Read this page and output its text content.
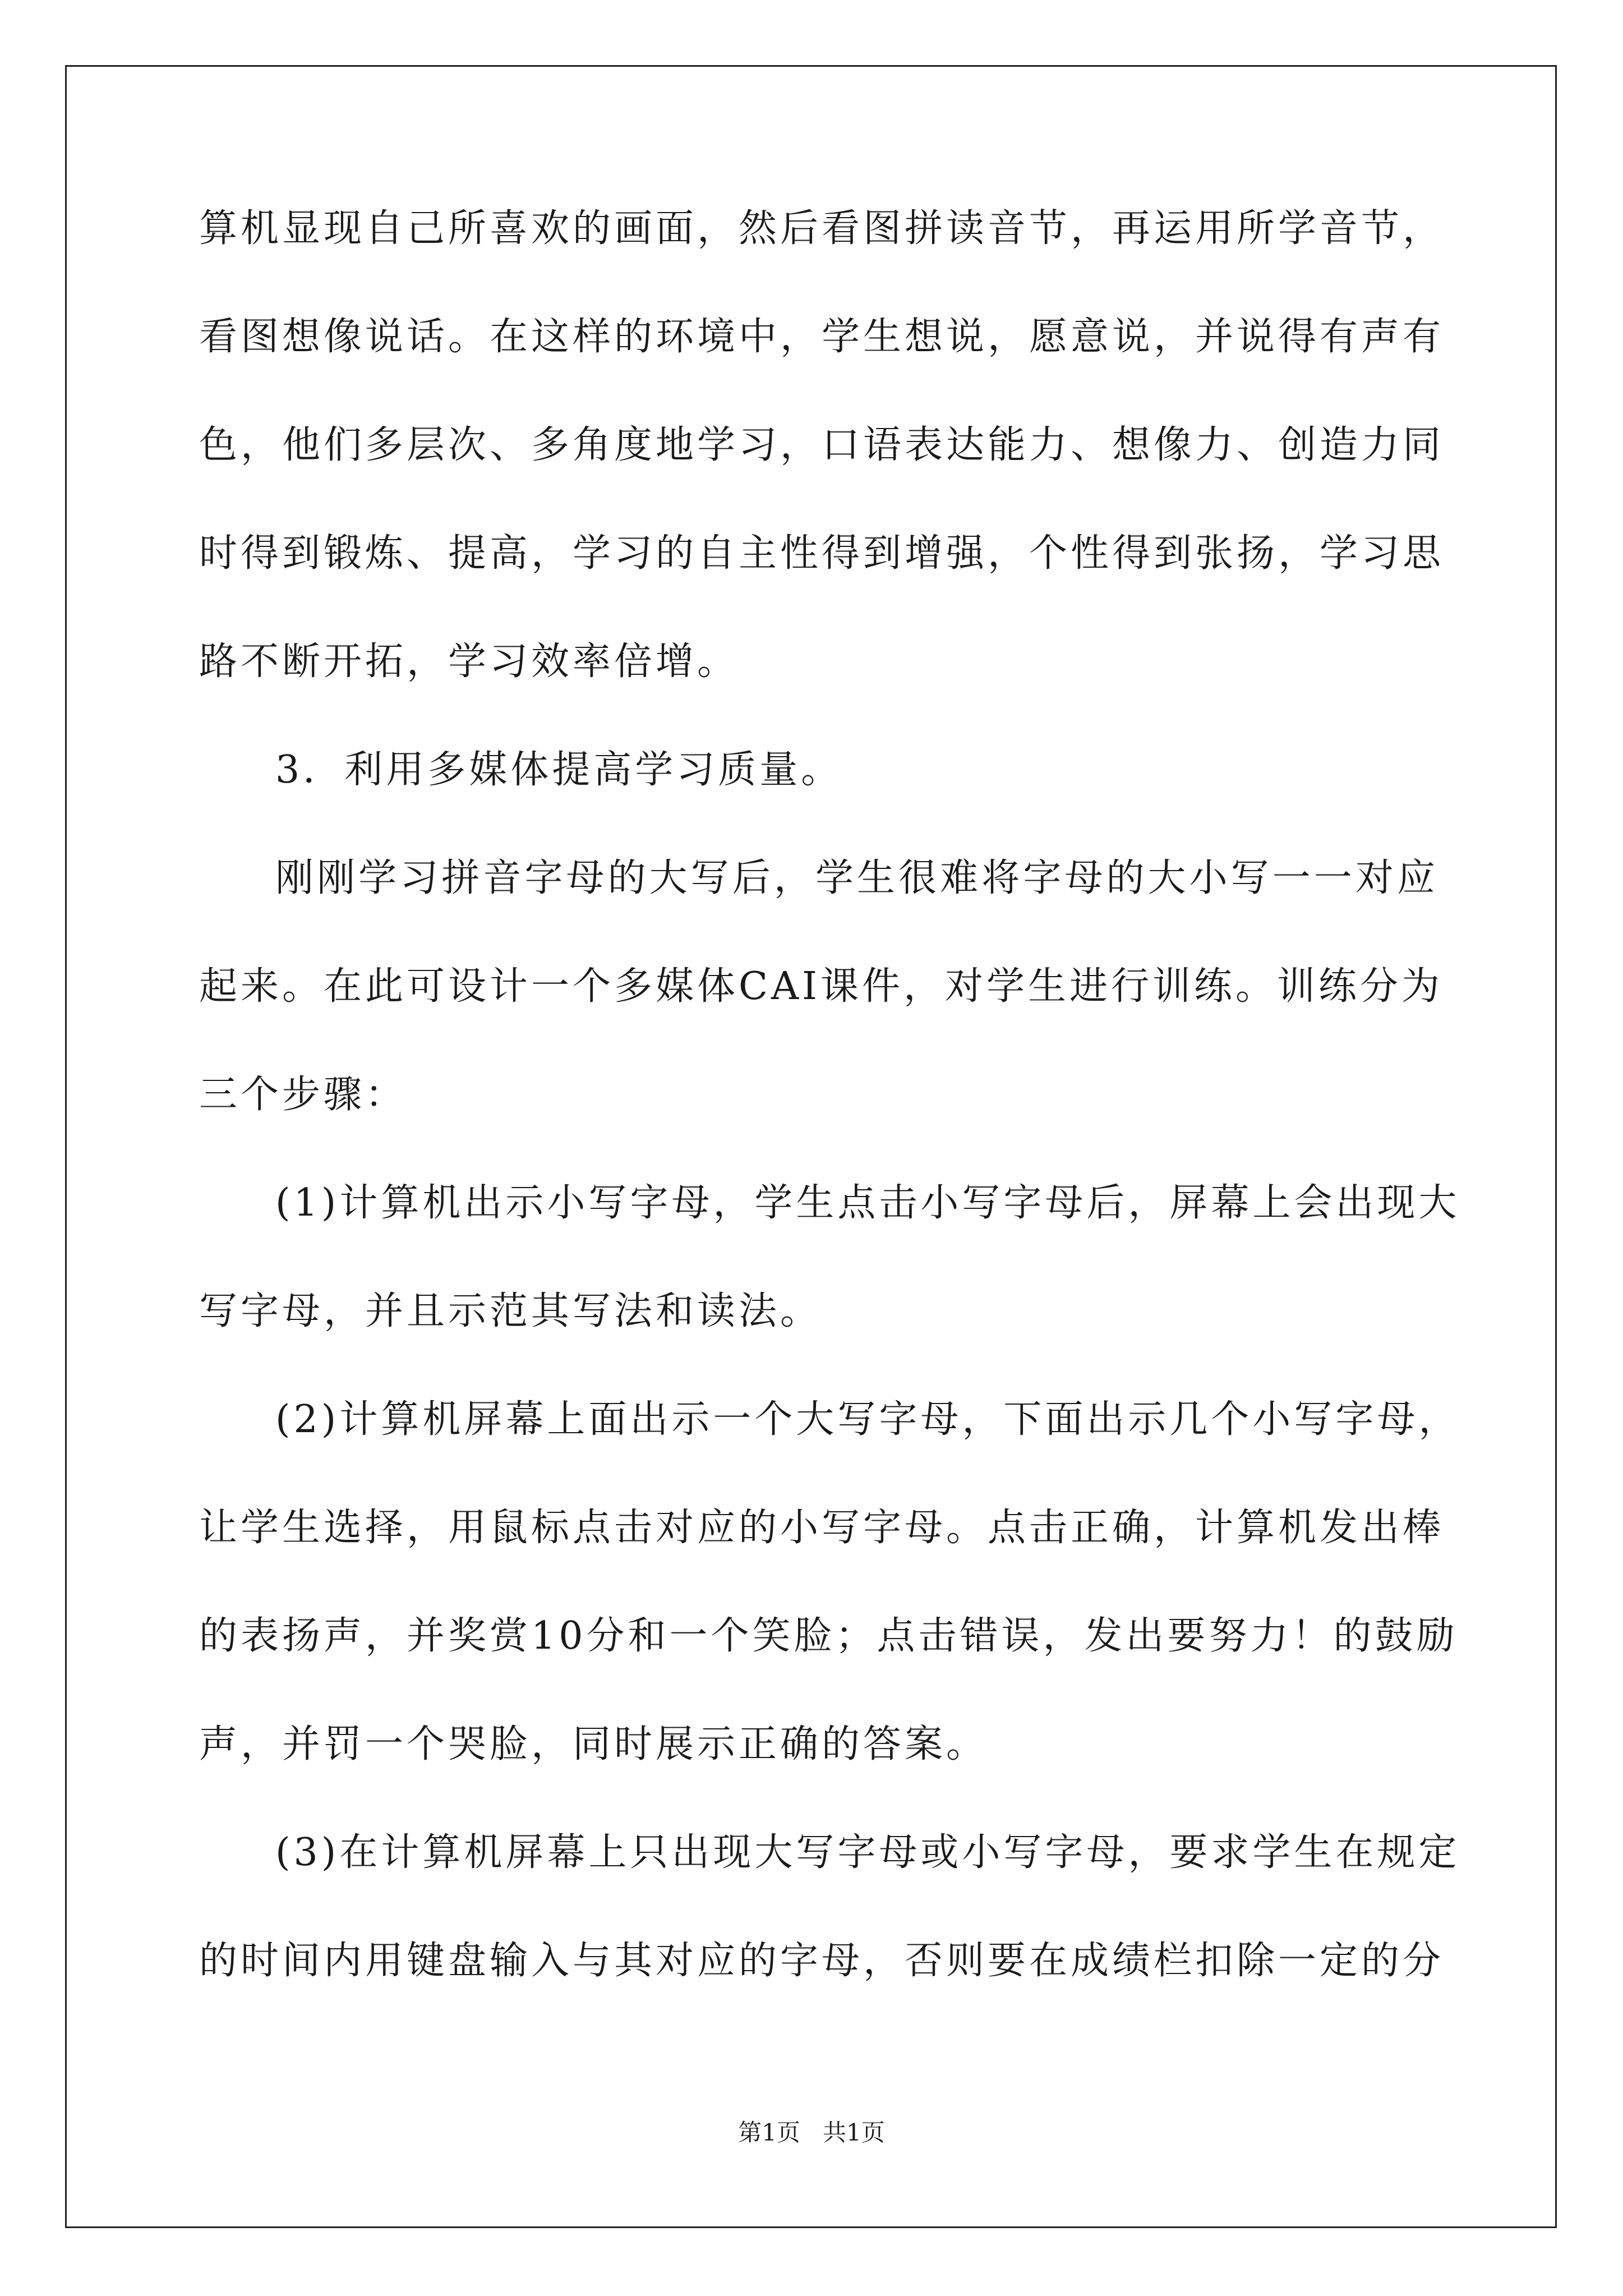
算机显现自己所喜欢的画面，然后看图拼读音节，再运用所学音节，
看图想像说话。在这样的环境中，学生想说，愿意说，并说得有声有
色，他们多层次、多角度地学习，口语表达能力、想像力、创造力同
时得到锻炼、提高，学习的自主性得到增强，个性得到张扬，学习思
路不断开拓，学习效率倍增。
3．利用多媒体提高学习质量。
刚刚学习拼音字母的大写后，学生很难将字母的大小写一一对应
起来。在此可设计一个多媒体CAI课件，对学生进行训练。训练分为
三个步骤：
(1)计算机出示小写字母，学生点击小写字母后，屏幕上会出现大
写字母，并且示范其写法和读法。
(2)计算机屏幕上面出示一个大写字母，下面出示几个小写字母，
让学生选择，用鼠标点击对应的小写字母。点击正确，计算机发出棒
的表扬声，并奖赏10分和一个笑脸；点击错误，发出要努力！的鼓励
声，并罚一个哭脸，同时展示正确的答案。
(3)在计算机屏幕上只出现大写字母或小写字母，要求学生在规定
的时间内用键盘输入与其对应的字母，否则要在成绩栏扣除一定的分
第1页   共1页
